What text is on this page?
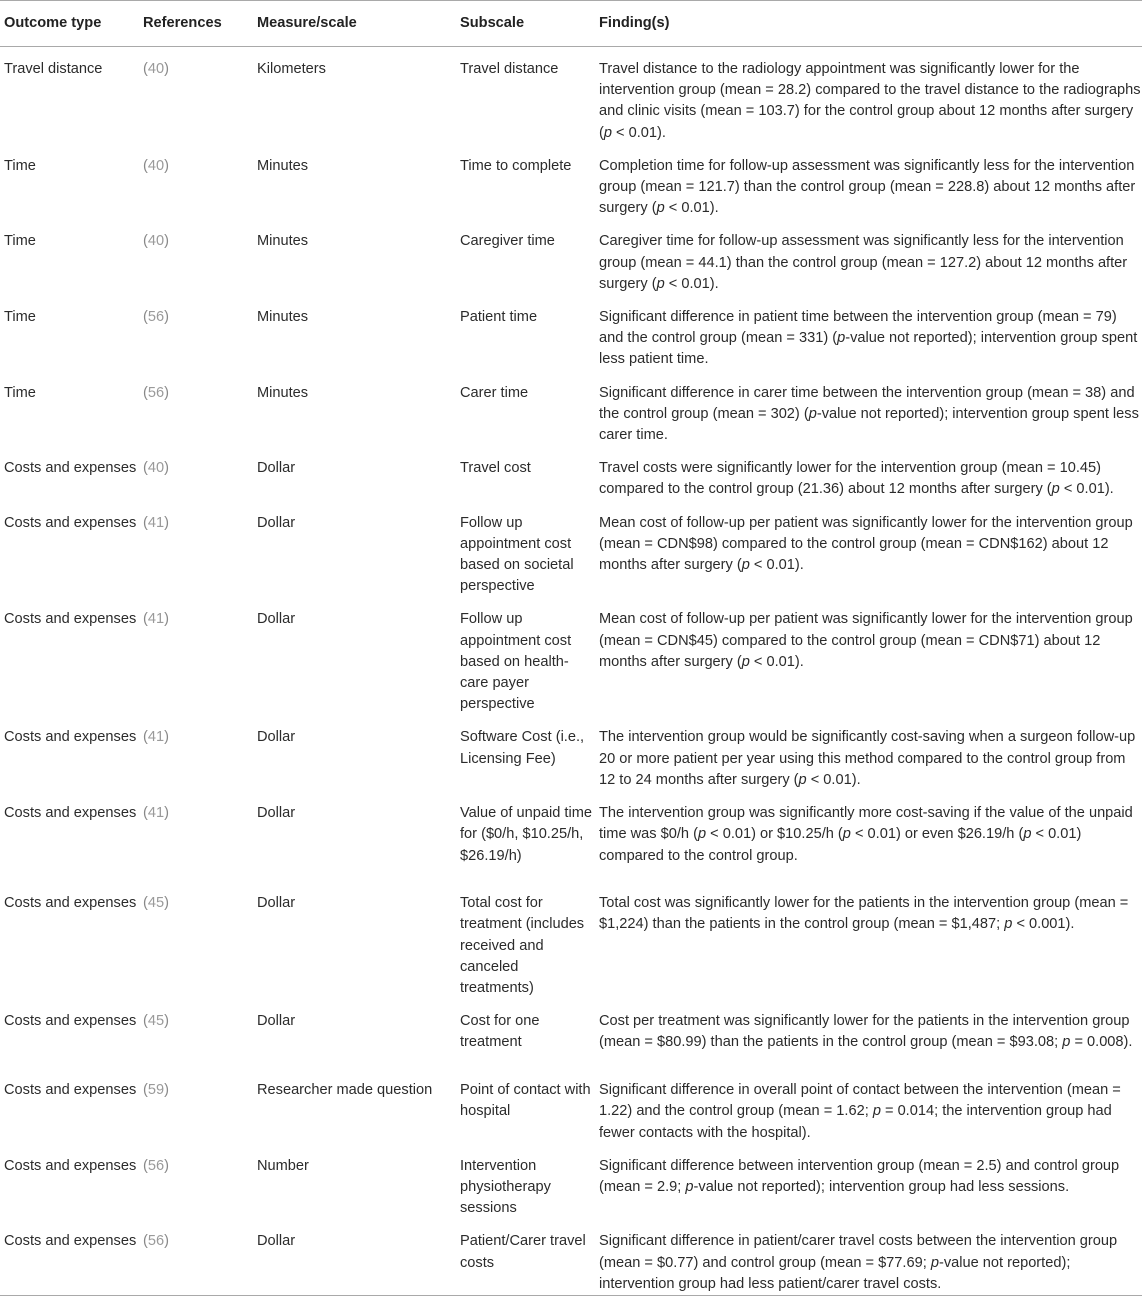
Outcome type	References	Measure/scale	Subscale	Finding(s)
Travel distance	(40)	Kilometers	Travel distance	Travel distance to the radiology appointment was significantly lower for the intervention group (mean = 28.2) compared to the travel distance to the radiographs and clinic visits (mean = 103.7) for the control group about 12 months after surgery (p < 0.01).
Time	(40)	Minutes	Time to complete	Completion time for follow-up assessment was significantly less for the intervention group (mean = 121.7) than the control group (mean = 228.8) about 12 months after surgery (p < 0.01).
Time	(40)	Minutes	Caregiver time	Caregiver time for follow-up assessment was significantly less for the intervention group (mean = 44.1) than the control group (mean = 127.2) about 12 months after surgery (p < 0.01).
Time	(56)	Minutes	Patient time	Significant difference in patient time between the intervention group (mean = 79) and the control group (mean = 331) (p-value not reported); intervention group spent less patient time.
Time	(56)	Minutes	Carer time	Significant difference in carer time between the intervention group (mean = 38) and the control group (mean = 302) (p-value not reported); intervention group spent less carer time.
Costs and expenses	(40)	Dollar	Travel cost	Travel costs were significantly lower for the intervention group (mean = 10.45) compared to the control group (21.36) about 12 months after surgery (p < 0.01).
Costs and expenses	(41)	Dollar	Follow up appointment cost based on societal perspective	Mean cost of follow-up per patient was significantly lower for the intervention group (mean = CDN$98) compared to the control group (mean = CDN$162) about 12 months after surgery (p < 0.01).
Costs and expenses	(41)	Dollar	Follow up appointment cost based on health-care payer perspective	Mean cost of follow-up per patient was significantly lower for the intervention group (mean = CDN$45) compared to the control group (mean = CDN$71) about 12 months after surgery (p < 0.01).
Costs and expenses	(41)	Dollar	Software Cost (i.e., Licensing Fee)	The intervention group would be significantly cost-saving when a surgeon follow-up 20 or more patient per year using this method compared to the control group from 12 to 24 months after surgery (p < 0.01).
Costs and expenses	(41)	Dollar	Value of unpaid time for ($0/h, $10.25/h, $26.19/h)	The intervention group was significantly more cost-saving if the value of the unpaid time was $0/h (p < 0.01) or $10.25/h (p < 0.01) or even $26.19/h (p < 0.01) compared to the control group.
Costs and expenses	(45)	Dollar	Total cost for treatment (includes received and canceled treatments)	Total cost was significantly lower for the patients in the intervention group (mean = $1,224) than the patients in the control group (mean = $1,487; p < 0.001).
Costs and expenses	(45)	Dollar	Cost for one treatment	Cost per treatment was significantly lower for the patients in the intervention group (mean = $80.99) than the patients in the control group (mean = $93.08; p = 0.008).
Costs and expenses	(59)	Researcher made question	Point of contact with hospital	Significant difference in overall point of contact between the intervention (mean = 1.22) and the control group (mean = 1.62; p = 0.014; the intervention group had fewer contacts with the hospital).
Costs and expenses	(56)	Number	Intervention physiotherapy sessions	Significant difference between intervention group (mean = 2.5) and control group (mean = 2.9; p-value not reported); intervention group had less sessions.
Costs and expenses	(56)	Dollar	Patient/Carer travel costs	Significant difference in patient/carer travel costs between the intervention group (mean = $0.77) and control group (mean = $77.69; p-value not reported); intervention group had less patient/carer travel costs.
